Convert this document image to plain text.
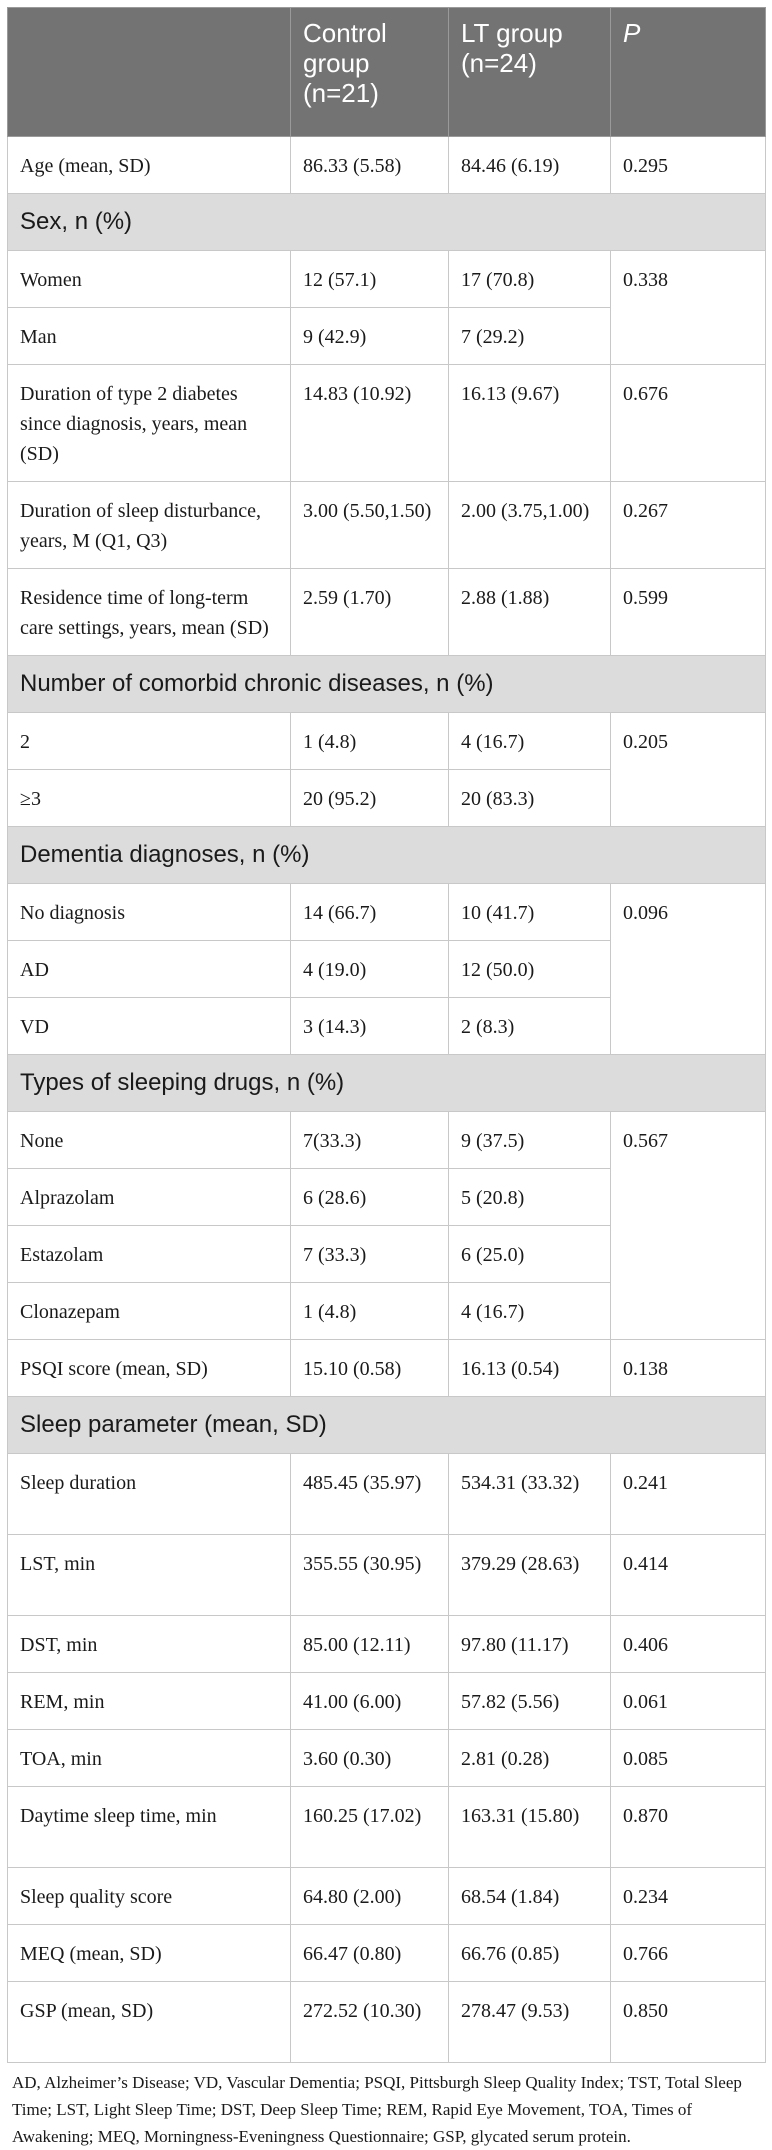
	Control group (n=21)	LT group (n=24)	P
Age (mean, SD)	86.33 (5.58)	84.46 (6.19)	0.295
Sex, n (%)			
Women	12 (57.1)	17 (70.8)	0.338
Man	9 (42.9)	7 (29.2)	
Duration of type 2 diabetes since diagnosis, years, mean (SD)	14.83 (10.92)	16.13 (9.67)	0.676
Duration of sleep disturbance, years, M (Q1, Q3)	3.00 (5.50,1.50)	2.00 (3.75,1.00)	0.267
Residence time of long-term care settings, years, mean (SD)	2.59 (1.70)	2.88 (1.88)	0.599
Number of comorbid chronic diseases, n (%)			
2	1 (4.8)	4 (16.7)	0.205
≥3	20 (95.2)	20 (83.3)	
Dementia diagnoses, n (%)			
No diagnosis	14 (66.7)	10 (41.7)	0.096
AD	4 (19.0)	12 (50.0)	
VD	3 (14.3)	2 (8.3)	
Types of sleeping drugs, n (%)			
None	7(33.3)	9 (37.5)	0.567
Alprazolam	6 (28.6)	5 (20.8)	
Estazolam	7 (33.3)	6 (25.0)	
Clonazepam	1 (4.8)	4 (16.7)	
PSQI score (mean, SD)	15.10 (0.58)	16.13 (0.54)	0.138
Sleep parameter (mean, SD)			
Sleep duration	485.45 (35.97)	534.31 (33.32)	0.241
LST, min	355.55 (30.95)	379.29 (28.63)	0.414
DST, min	85.00 (12.11)	97.80 (11.17)	0.406
REM, min	41.00 (6.00)	57.82 (5.56)	0.061
TOA, min	3.60 (0.30)	2.81 (0.28)	0.085
Daytime sleep time, min	160.25 (17.02)	163.31 (15.80)	0.870
Sleep quality score	64.80 (2.00)	68.54 (1.84)	0.234
MEQ (mean, SD)	66.47 (0.80)	66.76 (0.85)	0.766
GSP (mean, SD)	272.52 (10.30)	278.47 (9.53)	0.850
AD, Alzheimer’s Disease; VD, Vascular Dementia; PSQI, Pittsburgh Sleep Quality Index; TST, Total Sleep Time; LST, Light Sleep Time; DST, Deep Sleep Time; REM, Rapid Eye Movement, TOA, Times of Awakening; MEQ, Morningness-Eveningness Questionnaire; GSP, glycated serum protein.
